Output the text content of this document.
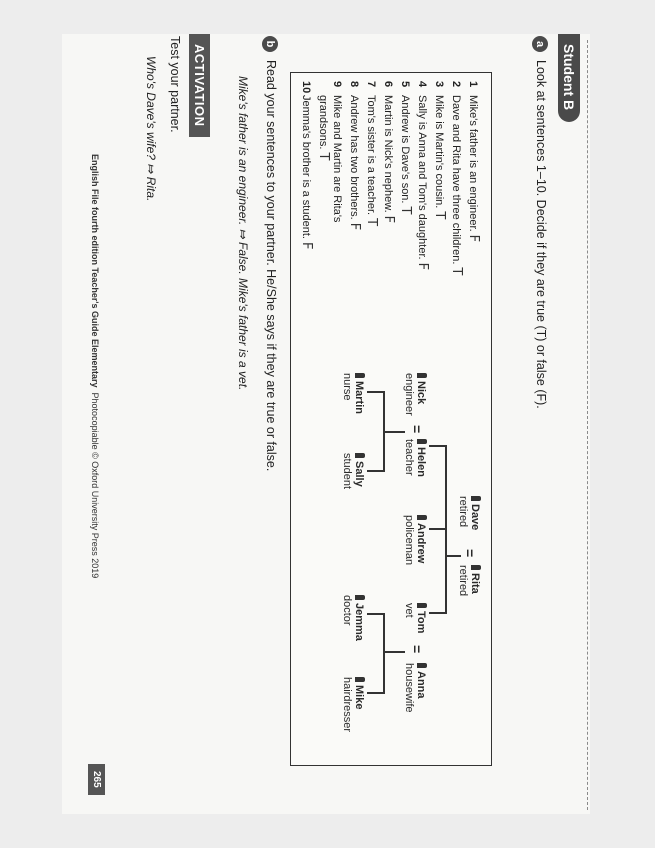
Student B
a
Look at sentences 1–10. Decide if they are true (T) or false (F).
1Mike's father is an engineer.F
2Dave and Rita have three children.T
3Mike is Martin's cousin.T
4Sally is Anna and Tom's daughter.F
5Andrew is Dave's son.T
6Martin is Nick's nephew.F
7Tom's sister is a teacher.T
8Andrew has two brothers.F
9Mike and Martin are Rita's
grandsons.T
10Jemma's brother is a student.F
Dave
retired
=
Rita
retired
Nick
engineer
=
Helen
teacher
Andrew
policeman
Tom
vet
=
Anna
housewife
Martin
nurse
Sally
student
Jemma
doctor
Mike
hairdresser
b
Read your sentences to your partner. He/She says if they are true or false.
Mike's father is an engineer. ⤇ False. Mike's father is a vet.
ACTIVATION
Test your partner.
Who's Dave's wife? ⤇ Rita.
English File fourth edition Teacher's Guide Elementary  Photocopiable © Oxford University Press 2019
265
